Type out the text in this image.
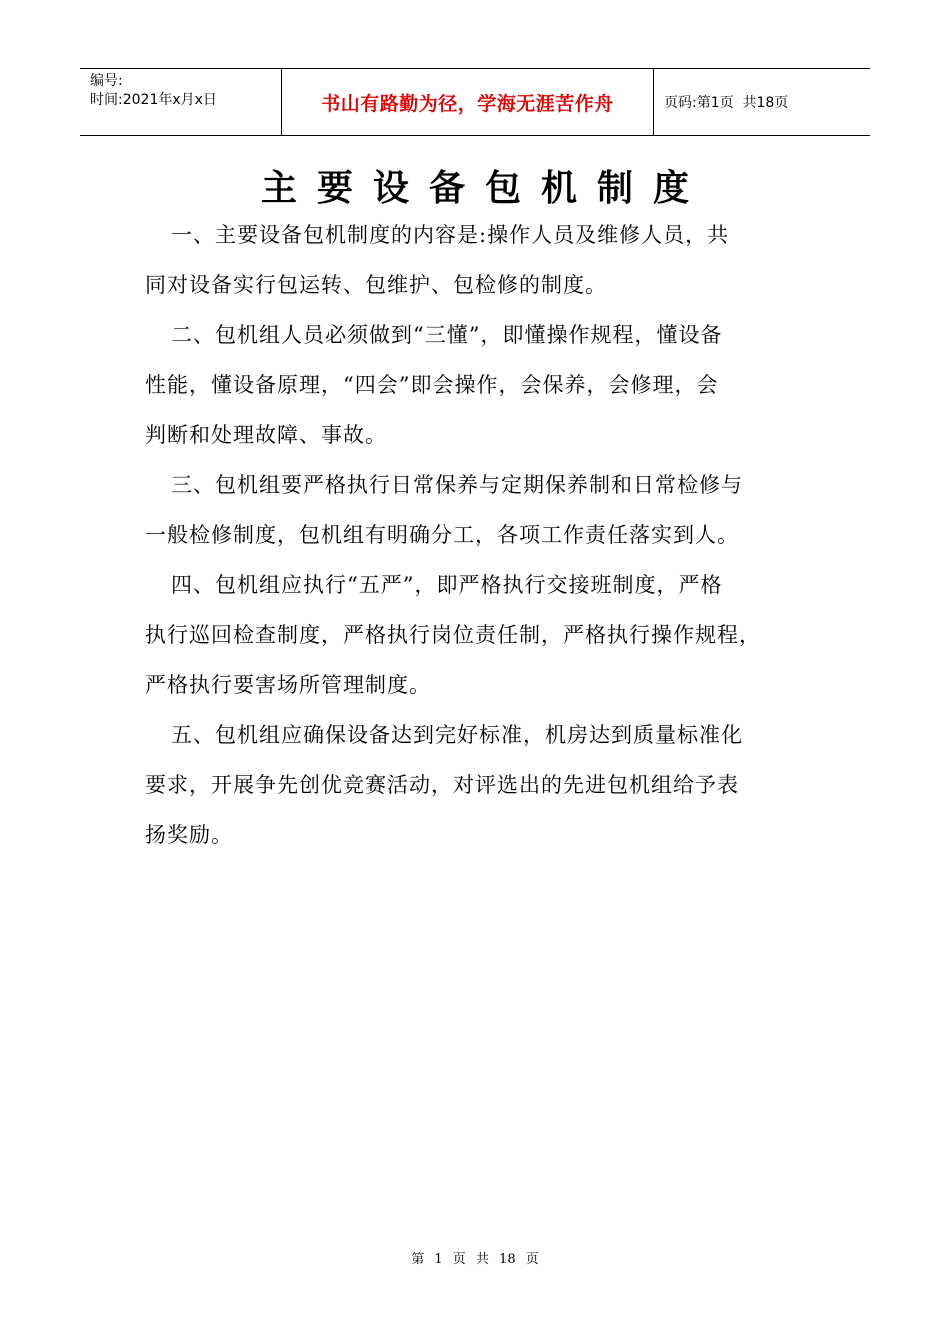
编号:
时间:2021年x月x日	书山有路勤为径，学海无涯苦作舟	页码:第1页  共18页
主要设备包机制度

一、主要设备包机制度的内容是:操作人员及维修人员，共
同对设备实行包运转、包维护、包检修的制度。

二、包机组人员必须做到“三懂”，即懂操作规程，懂设备
性能，懂设备原理，“四会”即会操作，会保养，会修理，会
判断和处理故障、事故。

三、包机组要严格执行日常保养与定期保养制和日常检修与
一般检修制度，包机组有明确分工，各项工作责任落实到人。

四、包机组应执行“五严”，即严格执行交接班制度，严格
执行巡回检查制度，严格执行岗位责任制，严格执行操作规程，
严格执行要害场所管理制度。

五、包机组应确保设备达到完好标准，机房达到质量标准化
要求，开展争先创优竞赛活动，对评选出的先进包机组给予表
扬奖励。

第 1 页 共 18 页
